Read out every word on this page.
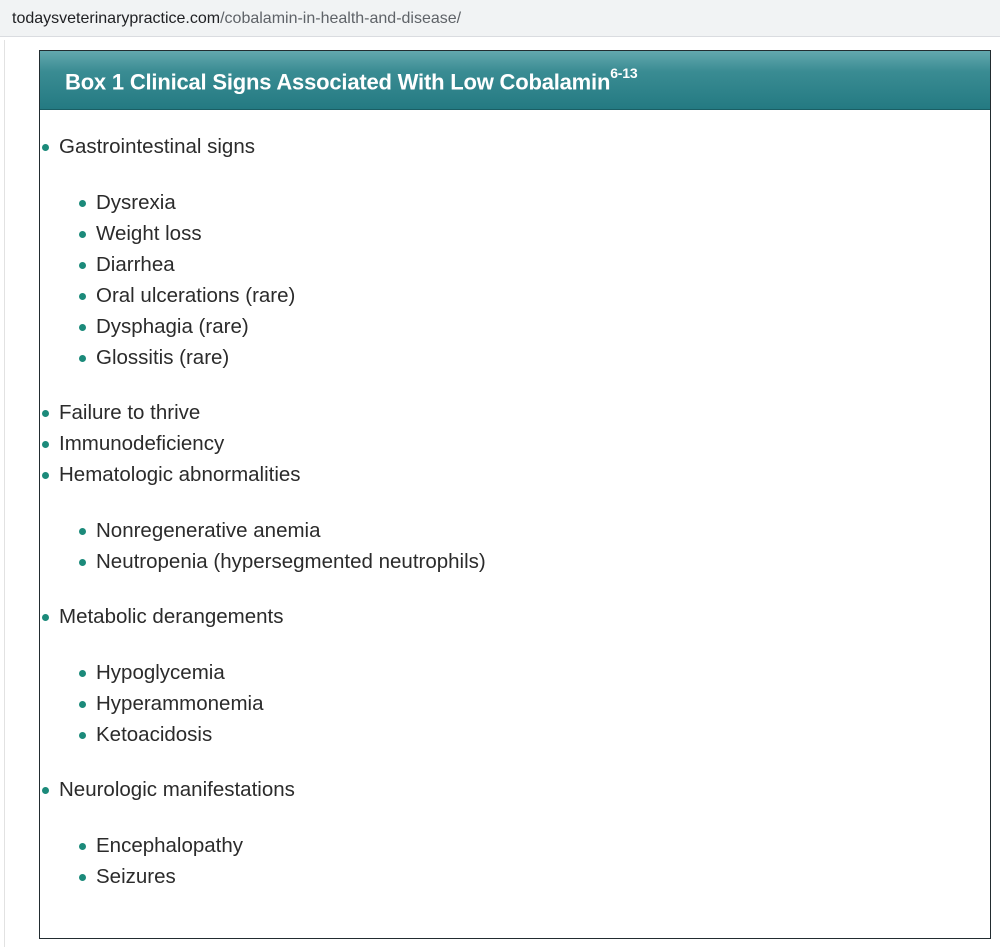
todaysveterinarypractice.com/cobalamin-in-health-and-disease/
Box 1 Clinical Signs Associated With Low Cobalamin$^{6-13}$
Gastrointestinal signs
Dysrexia
Weight loss
Diarrhea
Oral ulcerations (rare)
Dysphagia (rare)
Glossitis (rare)
Failure to thrive
Immunodeficiency
Hematologic abnormalities
Nonregenerative anemia
Neutropenia (hypersegmented neutrophils)
Metabolic derangements
Hypoglycemia
Hyperammonemia
Ketoacidosis
Neurologic manifestations
Encephalopathy
Seizures
